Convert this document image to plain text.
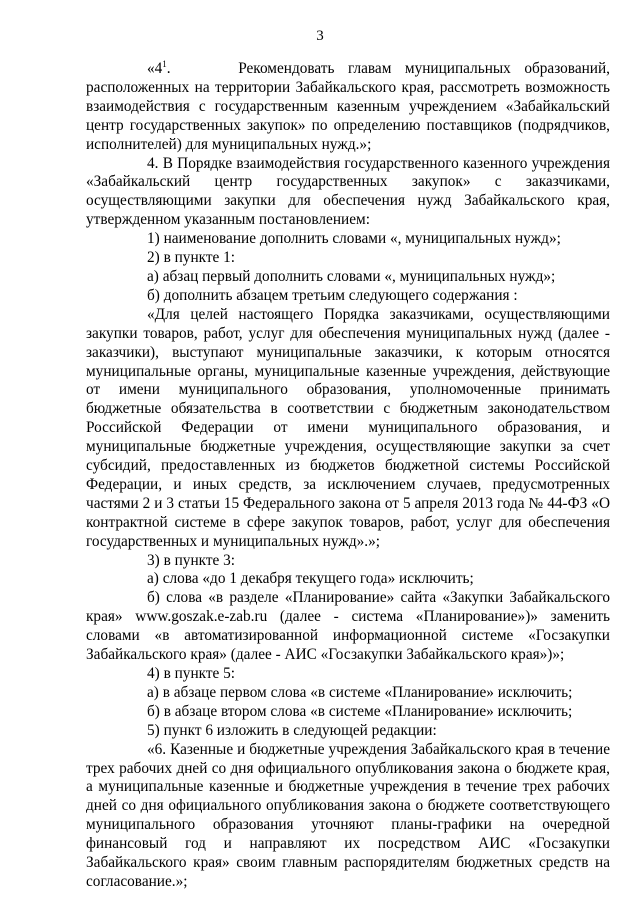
3

«$4^1$.     Рекомендовать главам муниципальных образований, расположенных на территории Забайкальского края, рассмотреть возможность взаимодействия с государственным казенным учреждением «Забайкальский центр государственных закупок» по определению поставщиков (подрядчиков, исполнителей) для муниципальных нужд.»;

4. В Порядке взаимодействия государственного казенного учреждения «Забайкальский центр государственных закупок» с заказчиками, осуществляющими закупки для обеспечения нужд Забайкальского края, утвержденном указанным постановлением:

1) наименование дополнить словами «, муниципальных нужд»;

2) в пункте 1:

а) абзац первый дополнить словами «, муниципальных нужд»;

б) дополнить абзацем третьим следующего содержания :

«Для целей настоящего Порядка заказчиками, осуществляющими закупки товаров, работ, услуг для обеспечения муниципальных нужд (далее - заказчики), выступают муниципальные заказчики, к которым относятся муниципальные органы, муниципальные казенные учреждения, действующие от имени муниципального образования, уполномоченные принимать бюджетные обязательства в соответствии с бюджетным законодательством Российской Федерации от имени муниципального образования, и муниципальные бюджетные учреждения, осуществляющие закупки за счет субсидий, предоставленных из бюджетов бюджетной системы Российской Федерации, и иных средств, за исключением случаев, предусмотренных частями 2 и 3 статьи 15 Федерального закона от 5 апреля 2013 года № 44-ФЗ «О контрактной системе в сфере закупок товаров, работ, услуг для обеспечения государственных и муниципальных нужд».»;

3) в пункте 3:

а) слова «до 1 декабря текущего года» исключить;

б) слова «в разделе «Планирование» сайта «Закупки Забайкальского края» www.goszak.e-zab.ru (далее - система «Планирование»)» заменить словами «в автоматизированной информационной системе «Госзакупки Забайкальского края» (далее - АИС «Госзакупки Забайкальского края»)»;

4) в пункте 5:

а) в абзаце первом слова «в системе «Планирование» исключить;

б) в абзаце втором слова «в системе «Планирование» исключить;

5) пункт 6 изложить в следующей редакции:

«6. Казенные и бюджетные учреждения Забайкальского края в течение трех рабочих дней со дня официального опубликования закона о бюджете края, а муниципальные казенные и бюджетные учреждения в течение трех рабочих дней со дня официального опубликования закона о бюджете соответствующего муниципального образования уточняют планы-графики на очередной финансовый год и направляют их посредством АИС «Госзакупки Забайкальского края» своим главным распорядителям бюджетных средств на согласование.»;
